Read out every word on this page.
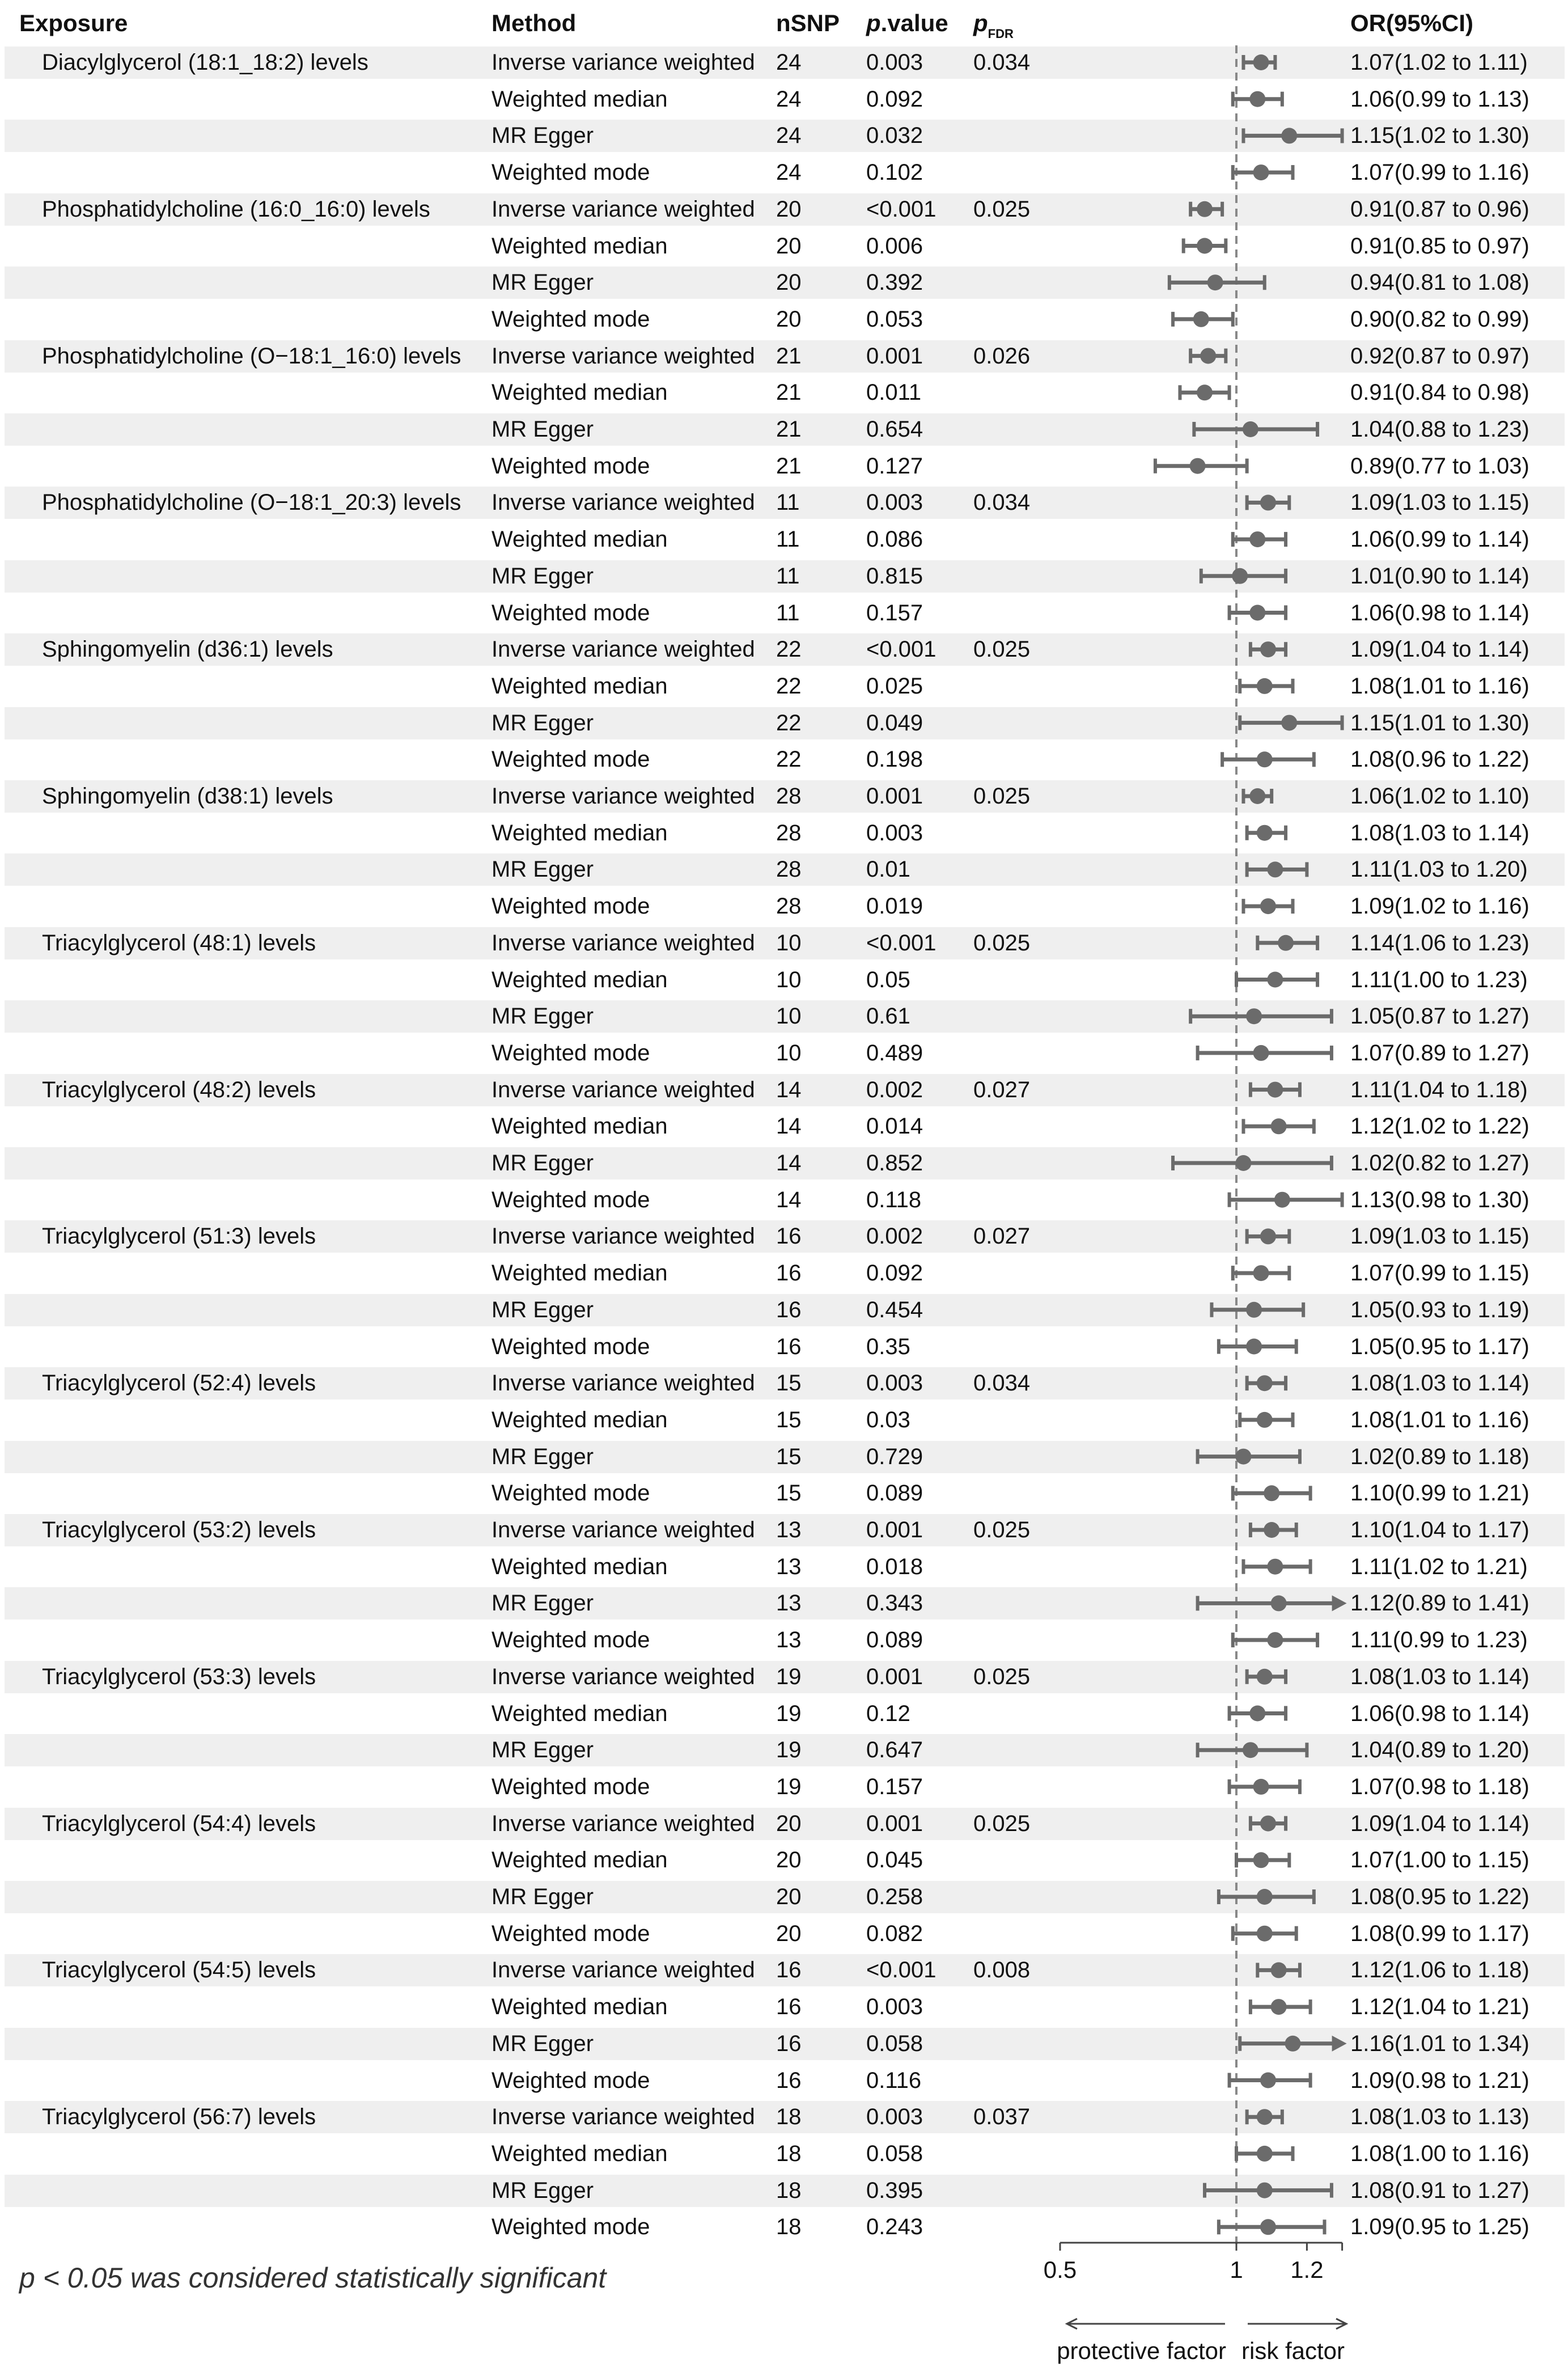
Exposure	Method	nSNP p.value $p_{FDR}$	OR(95%CI)
Diacylglycerol (18:1_18:2) levels	Inverse variance weighted 24	0.003 0.034	1.07(1.02 to 1.11)
Weighted median	24	0.092	1.06(0.99 to 1.13)
MR Egger	24	0.032	1.15(1.02 to 1.30)
Weighted mode	24	0.102	1.07(0.99 to 1.16)
Phosphatidylcholine (16:0_16:0) levels	Inverse variance weighted 20	<0.001 0.025	0.91(0.87 to 0.96)
Weighted median	20	0.006	0.91(0.85 to 0.97)
MR Egger	20	0.392	0.94(0.81 to 1.08)
Weighted mode	20	0.053	0.90(0.82 to 0.99)
Phosphatidylcholine (O−18:1_16:0) levels Inverse variance weighted 21	0.001 0.026	0.92(0.87 to 0.97)
Weighted median	21	0.011	0.91(0.84 to 0.98)
MR Egger	21	0.654	1.04(0.88 to 1.23)
Weighted mode	21	0.127	0.89(0.77 to 1.03)
Phosphatidylcholine (O−18:1_20:3) levels Inverse variance weighted 11	0.003 0.034	1.09(1.03 to 1.15)
Weighted median	11	0.086	1.06(0.99 to 1.14)
MR Egger	11	0.815	1.01(0.90 to 1.14)
Weighted mode	11	0.157	1.06(0.98 to 1.14)
Sphingomyelin (d36:1) levels	Inverse variance weighted 22	<0.001 0.025	1.09(1.04 to 1.14)
Weighted median	22	0.025	1.08(1.01 to 1.16)
MR Egger	22	0.049	1.15(1.01 to 1.30)
Weighted mode	22	0.198	1.08(0.96 to 1.22)
Sphingomyelin (d38:1) levels	Inverse variance weighted 28	0.001 0.025	1.06(1.02 to 1.10)
Weighted median	28	0.003	1.08(1.03 to 1.14)
MR Egger	28	0.01	1.11(1.03 to 1.20)
Weighted mode	28	0.019	1.09(1.02 to 1.16)
Triacylglycerol (48:1) levels	Inverse variance weighted 10	<0.001 0.025	1.14(1.06 to 1.23)
Weighted median	10	0.05	1.11(1.00 to 1.23)
MR Egger	10	0.61	1.05(0.87 to 1.27)
Weighted mode	10	0.489	1.07(0.89 to 1.27)
Triacylglycerol (48:2) levels	Inverse variance weighted 14	0.002 0.027	1.11(1.04 to 1.18)
Weighted median	14	0.014	1.12(1.02 to 1.22)
MR Egger	14	0.852	1.02(0.82 to 1.27)
Weighted mode	14	0.118	1.13(0.98 to 1.30)
Triacylglycerol (51:3) levels	Inverse variance weighted 16	0.002 0.027	1.09(1.03 to 1.15)
Weighted median	16	0.092	1.07(0.99 to 1.15)
MR Egger	16	0.454	1.05(0.93 to 1.19)
Weighted mode	16	0.35	1.05(0.95 to 1.17)
Triacylglycerol (52:4) levels	Inverse variance weighted 15	0.003 0.034	1.08(1.03 to 1.14)
Weighted median	15	0.03	1.08(1.01 to 1.16)
MR Egger	15	0.729	1.02(0.89 to 1.18)
Weighted mode	15	0.089	1.10(0.99 to 1.21)
Triacylglycerol (53:2) levels	Inverse variance weighted 13	0.001 0.025	1.10(1.04 to 1.17)
Weighted median	13	0.018	1.11(1.02 to 1.21)
MR Egger	13	0.343	1.12(0.89 to 1.41)
Weighted mode	13	0.089	1.11(0.99 to 1.23)
Triacylglycerol (53:3) levels	Inverse variance weighted 19	0.001 0.025	1.08(1.03 to 1.14)
Weighted median	19	0.12	1.06(0.98 to 1.14)
MR Egger	19	0.647	1.04(0.89 to 1.20)
Weighted mode	19	0.157	1.07(0.98 to 1.18)
Triacylglycerol (54:4) levels	Inverse variance weighted 20	0.001 0.025	1.09(1.04 to 1.14)
Weighted median	20	0.045	1.07(1.00 to 1.15)
MR Egger	20	0.258	1.08(0.95 to 1.22)
Weighted mode	20	0.082	1.08(0.99 to 1.17)
Triacylglycerol (54:5) levels	Inverse variance weighted 16	<0.001 0.008	1.12(1.06 to 1.18)
Weighted median	16	0.003	1.12(1.04 to 1.21)
MR Egger	16	0.058	1.16(1.01 to 1.34)
Weighted mode	16	0.116	1.09(0.98 to 1.21)
Triacylglycerol (56:7) levels	Inverse variance weighted 18	0.003 0.037	1.08(1.03 to 1.13)
Weighted median	18	0.058	1.08(1.00 to 1.16)
MR Egger	18	0.395	1.08(0.91 to 1.27)
Weighted mode	18	0.243	1.09(0.95 to 1.25)
0.5	1 1.2
protective factor risk factor
p < 0.05 was considered statistically significant
